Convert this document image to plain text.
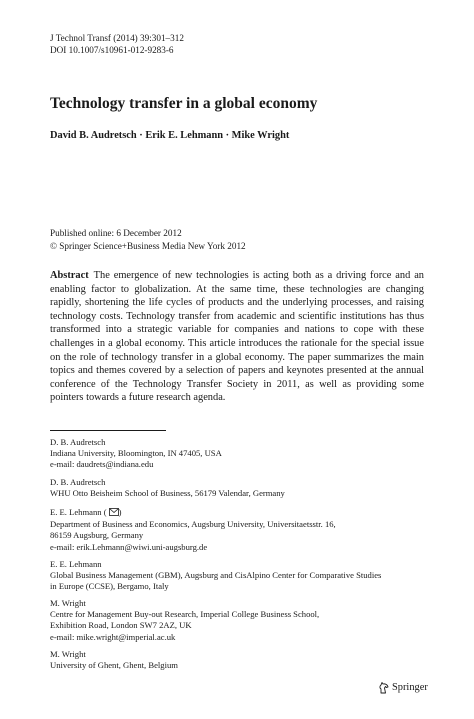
J Technol Transf (2014) 39:301–312
DOI 10.1007/s10961-012-9283-6
Technology transfer in a global economy
David B. Audretsch · Erik E. Lehmann · Mike Wright
Published online: 6 December 2012
© Springer Science+Business Media New York 2012
Abstract The emergence of new technologies is acting both as a driving force and an enabling factor to globalization. At the same time, these technologies are changing rapidly, shortening the life cycles of products and the underlying processes, and raising technology costs. Technology transfer from academic and scientific institutions has thus transformed into a strategic variable for companies and nations to cope with these challenges in a global economy. This article introduces the rationale for the special issue on the role of technology transfer in a global economy. The paper summarizes the main topics and themes covered by a selection of papers and keynotes presented at the annual conference of the Technology Transfer Society in 2011, as well as providing some pointers towards a future research agenda.
D. B. Audretsch
Indiana University, Bloomington, IN 47405, USA
e-mail: daudrets@indiana.edu
D. B. Audretsch
WHU Otto Beisheim School of Business, 56179 Valendar, Germany
E. E. Lehmann ( )
Department of Business and Economics, Augsburg University, Universitaetsstr. 16,
86159 Augsburg, Germany
e-mail: erik.Lehmann@wiwi.uni-augsburg.de
E. E. Lehmann
Global Business Management (GBM), Augsburg and CisAlpino Center for Comparative Studies
in Europe (CCSE), Bergamo, Italy
M. Wright
Centre for Management Buy-out Research, Imperial College Business School,
Exhibition Road, London SW7 2AZ, UK
e-mail: mike.wright@imperial.ac.uk
M. Wright
University of Ghent, Ghent, Belgium
Springer
